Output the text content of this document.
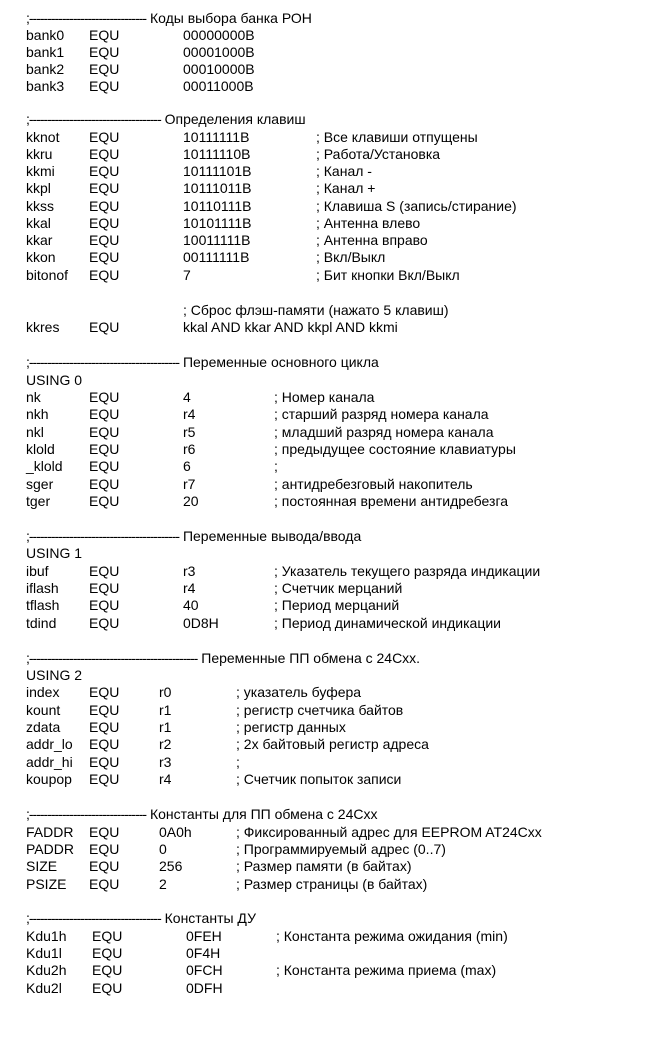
;-------------------------------- Коды выбора банка РОН
bank0 EQU	00000000B
bank1 EQU	00001000B
bank2 EQU	00010000B
bank3 EQU	00011000B
;------------------------------------ Определения клавиш
kknot EQU	10111111B	; Все клавиши отпущены
kkru	EQU	10111110B	; Работа/Установка
kkmi EQU	10111101B	; Канал -
kkpl	EQU	10111011B	; Канал +
kkss	EQU	10110111B	; Клавиша S (запись/стирание)
kkal	EQU	10101111B	; Антенна влево
kkar	EQU	10011111B	; Антенна вправо
kkon EQU	00111111B	; Вкл/Выкл
bitonof EQU	7	; Бит кнопки Вкл/Выкл
; Сброс флэш-памяти (нажато 5 клавиш)
kkres EQU	kkal AND kkar AND kkpl AND kkmi
;----------------------------------------- Переменные основного цикла
USING 0
nk	EQU	4	; Номер канала
nkh	EQU	r4	; старший разряд номера канала
nkl	EQU	r5	; младший разряд номера канала
klold EQU	r6	; предыдущее состояние клавиатуры
_klold EQU	6	;
sger	EQU	r7	; антидребезговый накопитель
tger	EQU	20	; постоянная времени антидребезга
;----------------------------------------- Переменные вывода/ввода
USING 1
ibuf	EQU	r3	; Указатель текущего разряда индикации
iflash EQU	r4	; Счетчик мерцаний
tflash EQU	40	; Период мерцаний
tdind EQU	0D8H	; Период динамической индикации
;---------------------------------------------- Переменные ПП обмена с 24Cxx.
USING 2
index EQU	r0	; указатель буфера
kount EQU	r1	; регистр счетчика байтов
zdata EQU	r1	; регистр данных
addr_lo EQU	r2	; 2х байтовый регистр адреса
addr_hi EQU	r3	;
koupop EQU	r4	; Счетчик попыток записи
;-------------------------------- Константы для ПП обмена с 24Cxx
FADDR EQU	0A0h	; Фиксированный адрес для EEPROM AT24Cxx
PADDR EQU	0	; Программируемый адрес (0..7)
SIZE EQU	256	; Размер памяти (в байтах)
PSIZE EQU	2	; Размер страницы (в байтах)
;------------------------------------ Константы ДУ
Kdu1h EQU	0FEH	; Константа режима ожидания (min)
Kdu1l EQU	0F4H
Kdu2h EQU	0FCH	; Константа режима приема (max)
Kdu2l EQU	0DFH
